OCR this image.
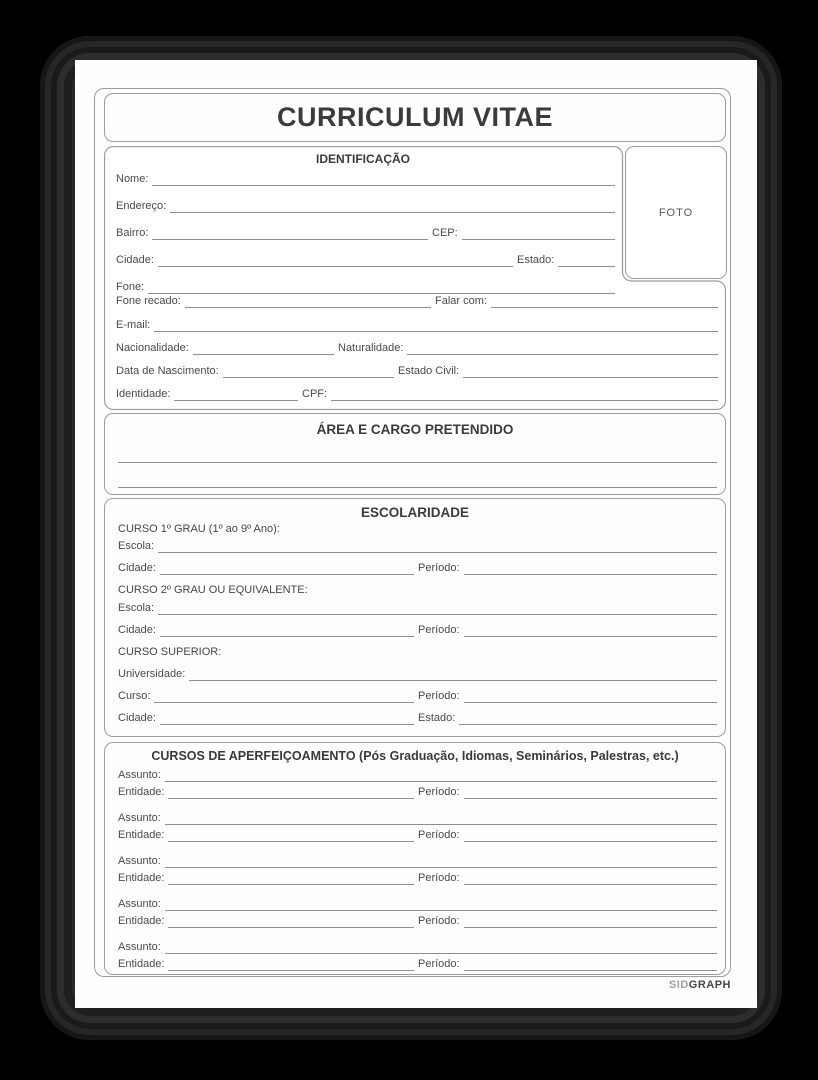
CURRICULUM VITAE
IDENTIFICAÇÃO
Nome:
Endereço:
Bairro:	CEP:
Cidade:	Estado:
Fone:
Fone recado:	Falar com:
E-mail:
Nacionalidade:	Naturalidade:
Data de Nascimento:	Estado Civil:
Identidade:	CPF:
FOTO
ÁREA E CARGO PRETENDIDO
ESCOLARIDADE
CURSO 1º GRAU (1º ao 9º Ano):
Escola:
Cidade:	Período:
CURSO 2º GRAU OU EQUIVALENTE:
Escola:
Cidade:	Período:
CURSO SUPERIOR:
Universidade:
Curso:	Período:
Cidade:	Estado:
CURSOS DE APERFEIÇOAMENTO (Pós Graduação, Idiomas, Seminários, Palestras, etc.)
Assunto:
Entidade:	Período:
Assunto:
Entidade:	Período:
Assunto:
Entidade:	Período:
Assunto:
Entidade:	Período:
Assunto:
Entidade:	Período:
SIDGRAPH
